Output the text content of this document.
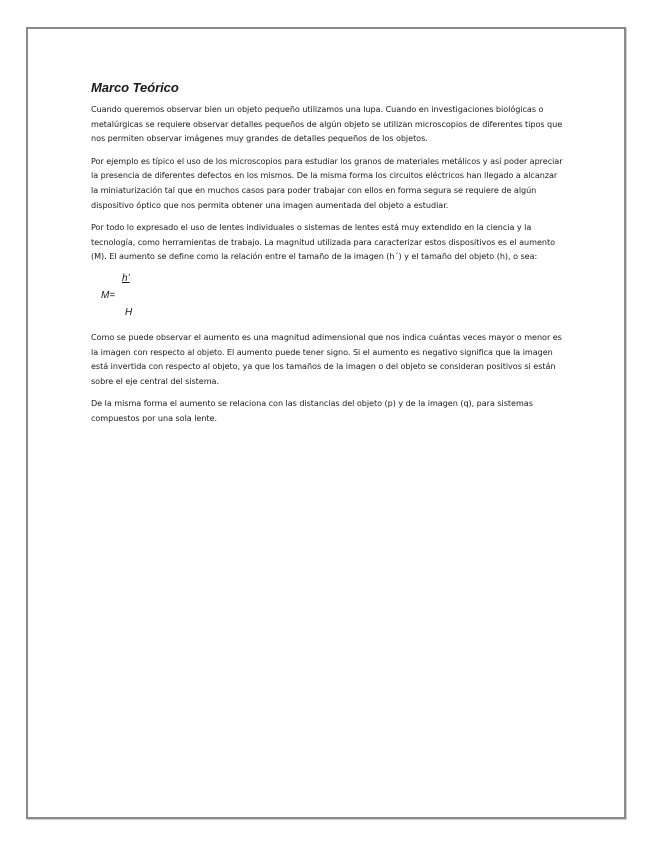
Marco Teórico

Cuando queremos observar bien un objeto pequeño utilizamos una lupa. Cuando en investigaciones biológicas o metalúrgicas se requiere observar detalles pequeños de algún objeto se utilizan microscopios de diferentes tipos que nos permiten observar imágenes muy grandes de detalles pequeños de los objetos.

Por ejemplo es típico el uso de los microscopios para estudiar los granos de materiales metálicos y así poder apreciar la presencia de diferentes defectos en los mismos. De la misma forma los circuitos eléctricos han llegado a alcanzar la miniaturización tal que en muchos casos para poder trabajar con ellos en forma segura se requiere de algún dispositivo óptico que nos permita obtener una imagen aumentada del objeto a estudiar.

Por todo lo expresado el uso de lentes individuales o sistemas de lentes está muy extendido en la ciencia y la tecnología, como herramientas de trabajo. La magnitud utilizada para caracterizar estos dispositivos es el aumento (M). El aumento se define como la relación entre el tamaño de la imagen (h´) y el tamaño del objeto (h), o sea:

h’
M=
H

Como se puede observar el aumento es una magnitud adimensional que nos indica cuántas veces mayor o menor es la imagen con respecto al objeto. El aumento puede tener signo. Si el aumento es negativo significa que la imagen está invertida con respecto al objeto, ya que los tamaños de la imagen o del objeto se consideran positivos si están sobre el eje central del sistema.

De la misma forma el aumento se relaciona con las distancias del objeto (p) y de la imagen (q), para sistemas compuestos por una sola lente.
